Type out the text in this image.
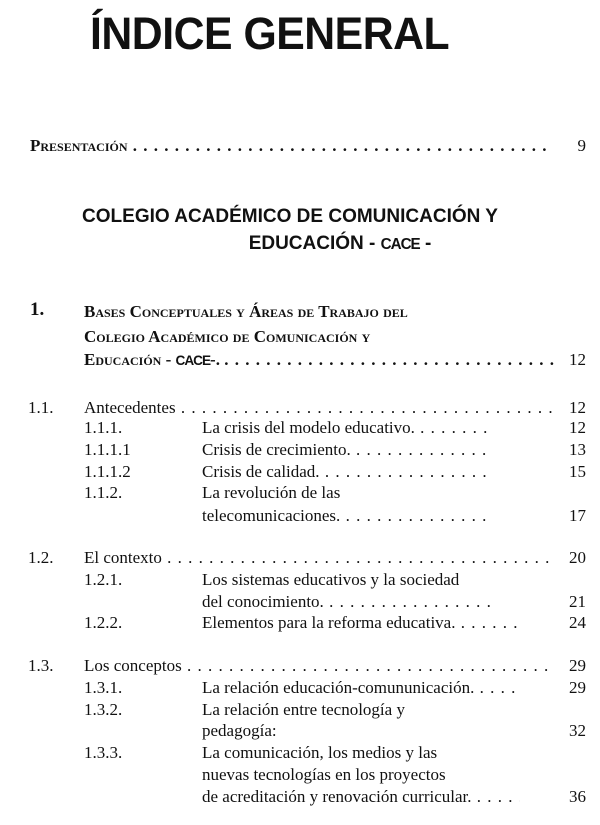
ÍNDICE GENERAL
Presentación . . .	9
COLEGIO ACADÉMICO DE COMUNICACIÓN Y
EDUCACIÓN - CACE -
1. Bases Conceptuales y Áreas de Trabajo del
Colegio Académico de Comunicación y
Educación - CACE-. . . .	12
1.1. Antecedentes . . .	12
1.1.1.	La crisis del modelo educativo. . . .	12
1.1.1.1	Crisis de crecimiento. . . .	13
1.1.1.2	Crisis de calidad. . . .	15
1.1.2.	La revolución de las
telecomunicaciones. . . .	17
1.2. El contexto . . .	20
1.2.1.	Los sistemas educativos y la sociedad
del conocimiento. . . .	21
1.2.2.	Elementos para la reforma educativa. . . .	24
1.3. Los conceptos . . .	29
1.3.1.	La relación educación-comununicación. . . .	29
1.3.2.	La relación entre tecnología y
pedagogía:	32
1.3.3.	La comunicación, los medios y las
nuevas tecnologías en los proyectos
de acreditación y renovación curricular. . . .	36
